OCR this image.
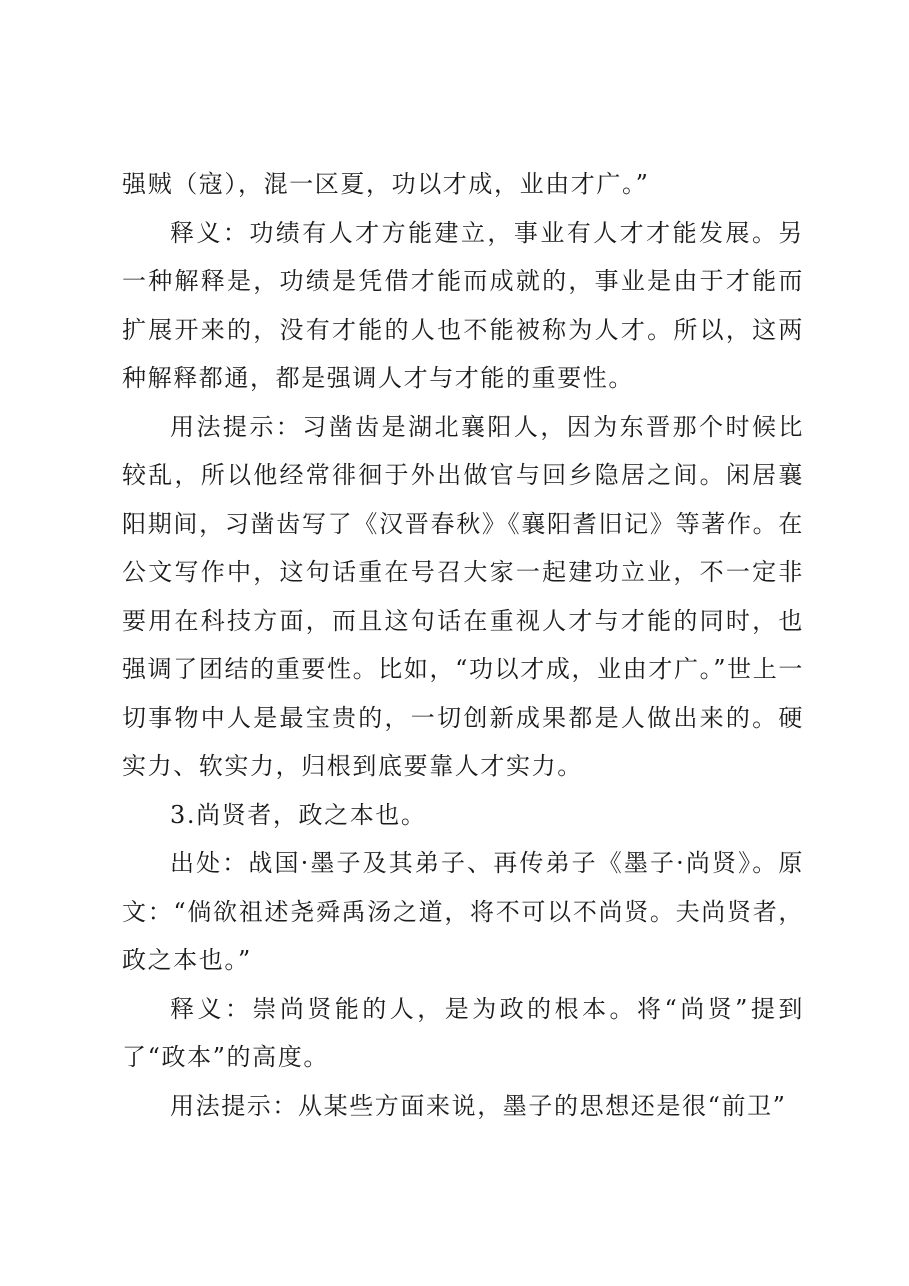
强贼（寇），混一区夏，功以才成，业由才广。”

释义：功绩有人才方能建立，事业有人才才能发展。另一种解释是，功绩是凭借才能而成就的，事业是由于才能而扩展开来的，没有才能的人也不能被称为人才。所以，这两种解释都通，都是强调人才与才能的重要性。

用法提示：习凿齿是湖北襄阳人，因为东晋那个时候比较乱，所以他经常徘徊于外出做官与回乡隐居之间。闲居襄阳期间，习凿齿写了《汉晋春秋》《襄阳耆旧记》等著作。在公文写作中，这句话重在号召大家一起建功立业，不一定非要用在科技方面，而且这句话在重视人才与才能的同时，也强调了团结的重要性。比如，“功以才成，业由才广。”世上一切事物中人是最宝贵的，一切创新成果都是人做出来的。硬实力、软实力，归根到底要靠人才实力。

3.尚贤者，政之本也。

出处：战国·墨子及其弟子、再传弟子《墨子·尚贤》。原文：“倘欲祖述尧舜禹汤之道，将不可以不尚贤。夫尚贤者，政之本也。”

释义：崇尚贤能的人，是为政的根本。将“尚贤”提到了“政本”的高度。

用法提示：从某些方面来说，墨子的思想还是很“前卫”
